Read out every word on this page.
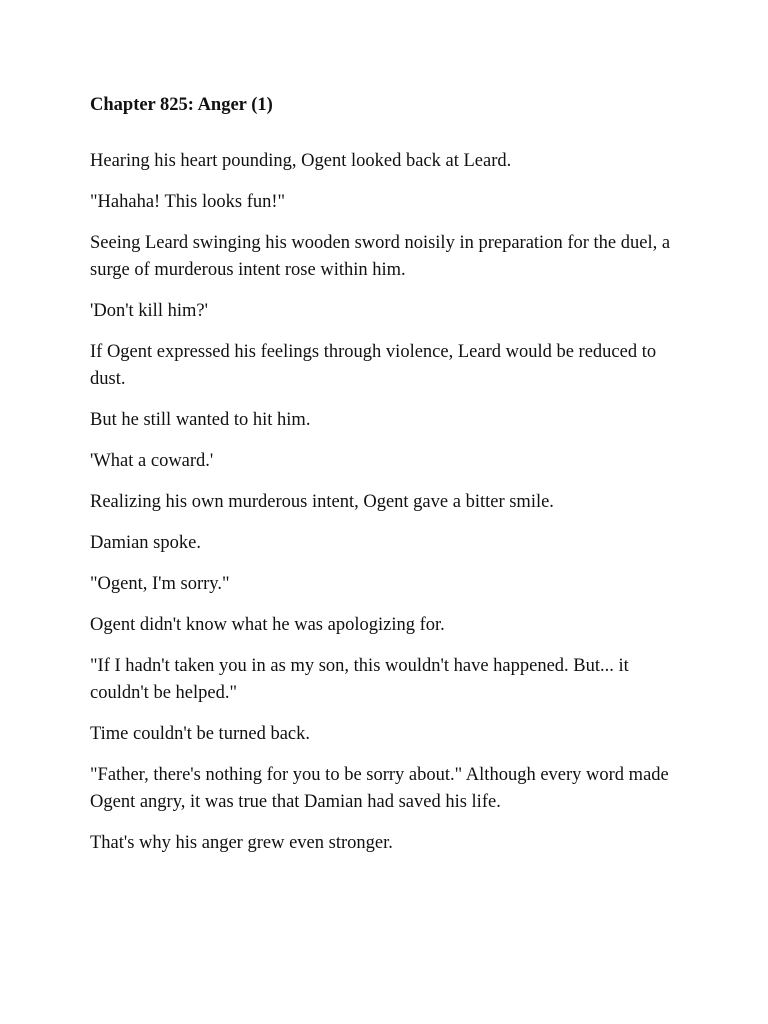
Chapter 825: Anger (1)

Hearing his heart pounding, Ogent looked back at Leard.

"Hahaha! This looks fun!"

Seeing Leard swinging his wooden sword noisily in preparation for the duel, a surge of murderous intent rose within him.

'Don't kill him?'

If Ogent expressed his feelings through violence, Leard would be reduced to dust.

But he still wanted to hit him.

'What a coward.'

Realizing his own murderous intent, Ogent gave a bitter smile.

Damian spoke.

"Ogent, I'm sorry."

Ogent didn't know what he was apologizing for.

"If I hadn't taken you in as my son, this wouldn't have happened. But... it couldn't be helped."

Time couldn't be turned back.

"Father, there's nothing for you to be sorry about." Although every word made Ogent angry, it was true that Damian had saved his life.

That's why his anger grew even stronger.
